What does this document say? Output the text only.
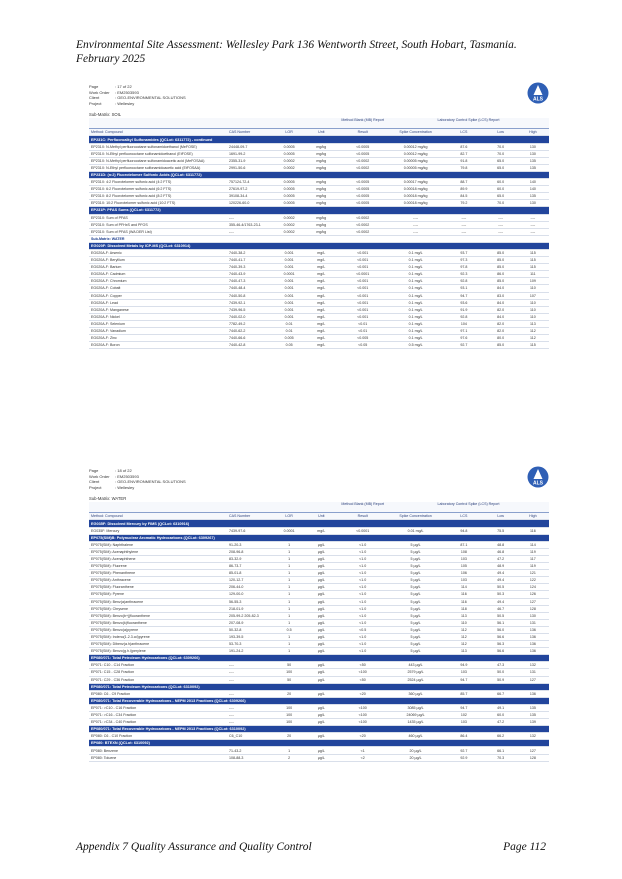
Environmental Site Assessment: Wellesley Park 136 Wentworth Street, South Hobart, Tasmania.
February 2025
Page	: 17 of 22
Work Order	: EM2503593
Client	: GEO-ENVIRONMENTAL SOLUTIONS
Project	: Wellesley
ALS
Sub-Matrix: SOIL
				Method Blank (MB) Report	Laboratory Control Spike (LCS) Report			
Method: Compound	CAS Number	LOR	Unit	Result	Spike Concentration	LCS	Low	High
EP231C: Perfluoroalkyl Sulfonamides (QCLot: 6311772) - continued								
EP231X: N-Methyl perfluorooctane sulfonamidoethanol (MeFOSE)	24448-09-7	0.0005	mg/kg	<0.0005	0.00012 mg/kg	87.6	70.0	130
EP231X: N-Ethyl perfluorooctane sulfonamidoethanol (EtFOSE)	1691-99-2	0.0005	mg/kg	<0.0005	0.00012 mg/kg	82.7	70.0	130
EP231X: N-Methyl perfluorooctane sulfonamidoacetic acid (MeFOSAA)	2355-31-9	0.0002	mg/kg	<0.0002	0.00005 mg/kg	91.8	65.0	135
EP231X: N-Ethyl perfluorooctane sulfonamidoacetic acid (EtFOSAA)	2991-50-6	0.0002	mg/kg	<0.0002	0.00005 mg/kg	79.8	65.0	135
EP231D: (n:2) Fluorotelomer Sulfonic Acids (QCLot: 6311772)								
EP231X: 4:2 Fluorotelomer sulfonic acid (4:2 FTS)	757124-72-4	0.0005	mg/kg	<0.0005	0.00017 mg/kg	88.7	60.0	140
EP231X: 6:2 Fluorotelomer sulfonic acid (6:2 FTS)	27619-97-2	0.0005	mg/kg	<0.0005	0.00018 mg/kg	89.9	60.0	140
EP231X: 8:2 Fluorotelomer sulfonic acid (8:2 FTS)	39108-34-4	0.0005	mg/kg	<0.0005	0.00018 mg/kg	84.5	65.0	135
EP231X: 10:2 Fluorotelomer sulfonic acid (10:2 FTS)	120226-60-0	0.0005	mg/kg	<0.0005	0.00018 mg/kg	79.2	70.0	130
EP231P: PFAS Sums (QCLot: 6311772)								
EP231X: Sum of PFAS	----	0.0002	mg/kg	<0.0002	----	----	----	----
EP231X: Sum of PFHxS and PFOS	355-46-4/1763-23-1	0.0002	mg/kg	<0.0002	----	----	----	----
EP231X: Sum of PFAS (WA DER List)	----	0.0002	mg/kg	<0.0002	----	----	----	----
Sub-Matrix: WATER								
EG020F: Dissolved Metals by ICP-MS (QCLot: 6310914)								
EG020A-F: Arsenic	7440-38-2	0.001	mg/L	<0.001	0.1 mg/L	93.7	85.0	115
EG020A-F: Beryllium	7440-41-7	0.001	mg/L	<0.001	0.1 mg/L	97.3	85.0	115
EG020A-F: Barium	7440-39-3	0.001	mg/L	<0.001	0.1 mg/L	97.8	85.0	115
EG020A-F: Cadmium	7440-43-9	0.0001	mg/L	<0.0001	0.1 mg/L	92.3	86.0	111
EG020A-F: Chromium	7440-47-3	0.001	mg/L	<0.001	0.1 mg/L	92.8	85.0	109
EG020A-F: Cobalt	7440-48-4	0.001	mg/L	<0.001	0.1 mg/L	93.1	84.0	110
EG020A-F: Copper	7440-50-8	0.001	mg/L	<0.001	0.1 mg/L	94.7	83.0	107
EG020A-F: Lead	7439-92-1	0.001	mg/L	<0.001	0.1 mg/L	93.6	84.0	110
EG020A-F: Manganese	7439-96-5	0.001	mg/L	<0.001	0.1 mg/L	91.9	82.0	110
EG020A-F: Nickel	7440-02-0	0.001	mg/L	<0.001	0.1 mg/L	92.8	84.0	110
EG020A-F: Selenium	7782-49-2	0.01	mg/L	<0.01	0.1 mg/L	104	82.0	113
EG020A-F: Vanadium	7440-62-2	0.01	mg/L	<0.01	0.1 mg/L	97.1	82.0	112
EG020A-F: Zinc	7440-66-6	0.005	mg/L	<0.005	0.1 mg/L	97.6	80.0	112
EG020A-F: Boron	7440-42-8	0.05	mg/L	<0.05	0.5 mg/L	92.7	85.0	115
Page	: 18 of 22
Work Order	: EM2503593
Client	: GEO-ENVIRONMENTAL SOLUTIONS
Project	: Wellesley
ALS
Sub-Matrix: WATER
				Method Blank (MB) Report	Laboratory Control Spike (LCS) Report			
Method: Compound	CAS Number	LOR	Unit	Result	Spike Concentration	LCS	Low	High
EG035F: Dissolved Mercury by FIMS (QCLot: 6310916)								
EG035F: Mercury	7439-97-6	0.0001	mg/L	<0.0001	0.01 mg/L	94.8	75.5	116
EP075(SIM)B: Polynuclear Aromatic Hydrocarbons (QCLot: 6309267)								
EP075(SIM): Naphthalene	91-20-3	1	µg/L	<1.0	5 µg/L	87.1	48.8	114
EP075(SIM): Acenaphthylene	208-96-8	1	µg/L	<1.0	5 µg/L	108	46.8	119
EP075(SIM): Acenaphthene	83-32-9	1	µg/L	<1.0	5 µg/L	103	47.2	117
EP075(SIM): Fluorene	86-73-7	1	µg/L	<1.0	5 µg/L	105	48.9	119
EP075(SIM): Phenanthrene	85-01-8	1	µg/L	<1.0	5 µg/L	106	49.4	121
EP075(SIM): Anthracene	120-12-7	1	µg/L	<1.0	5 µg/L	103	49.4	122
EP075(SIM): Fluoranthene	206-44-0	1	µg/L	<1.0	5 µg/L	114	50.5	124
EP075(SIM): Pyrene	129-00-0	1	µg/L	<1.0	5 µg/L	116	50.3	126
EP075(SIM): Benz(a)anthracene	56-55-3	1	µg/L	<1.0	5 µg/L	116	49.4	127
EP075(SIM): Chrysene	218-01-9	1	µg/L	<1.0	5 µg/L	118	46.7	128
EP075(SIM): Benzo(b+j)fluoranthene	205-99-2 205-82-3	1	µg/L	<1.0	5 µg/L	113	50.5	130
EP075(SIM): Benzo(k)fluoranthene	207-08-9	1	µg/L	<1.0	5 µg/L	110	56.1	131
EP075(SIM): Benzo(a)pyrene	50-32-8	0.5	µg/L	<0.5	5 µg/L	112	56.0	136
EP075(SIM): Indeno(1.2.3.cd)pyrene	193-39-5	1	µg/L	<1.0	5 µg/L	112	56.6	136
EP075(SIM): Dibenz(a.h)anthracene	53-70-3	1	µg/L	<1.0	5 µg/L	112	56.3	136
EP075(SIM): Benzo(g.h.i)perylene	191-24-2	1	µg/L	<1.0	5 µg/L	113	56.6	136
EP080/071: Total Petroleum Hydrocarbons (QCLot: 6309266)								
EP071: C10 - C14 Fraction	----	50	µg/L	<50	443 µg/L	94.9	47.3	132
EP071: C15 - C28 Fraction	----	100	µg/L	<100	2579 µg/L	103	50.0	131
EP071: C29 - C36 Fraction	----	50	µg/L	<50	2524 µg/L	94.7	50.9	127
EP080/071: Total Petroleum Hydrocarbons (QCLot: 6310092)								
EP080: C6 - C9 Fraction	----	20	µg/L	<20	360 µg/L	85.7	66.7	136
EP080/071: Total Recoverable Hydrocarbons - NEPM 2013 Fractions (QCLot: 6309266)								
EP071: >C10 - C16 Fraction	----	100	µg/L	<100	3085 µg/L	94.7	49.1	135
EP071: >C16 - C34 Fraction	----	100	µg/L	<100	24069 µg/L	102	60.0	135
EP071: >C34 - C40 Fraction	----	100	µg/L	<100	1435 µg/L	103	47.2	139
EP080/071: Total Recoverable Hydrocarbons - NEPM 2013 Fractions (QCLot: 6310092)								
EP080: C6 - C10 Fraction	C6_C10	20	µg/L	<20	460 µg/L	86.4	66.2	132
EP080: BTEXN (QCLot: 6310092)								
EP080: Benzene	71-43-2	1	µg/L	<1	20 µg/L	92.7	66.1	127
EP080: Toluene	108-88-3	2	µg/L	<2	20 µg/L	92.9	70.3	128
Appendix 7 Quality Assurance and Quality Control	Page 112
